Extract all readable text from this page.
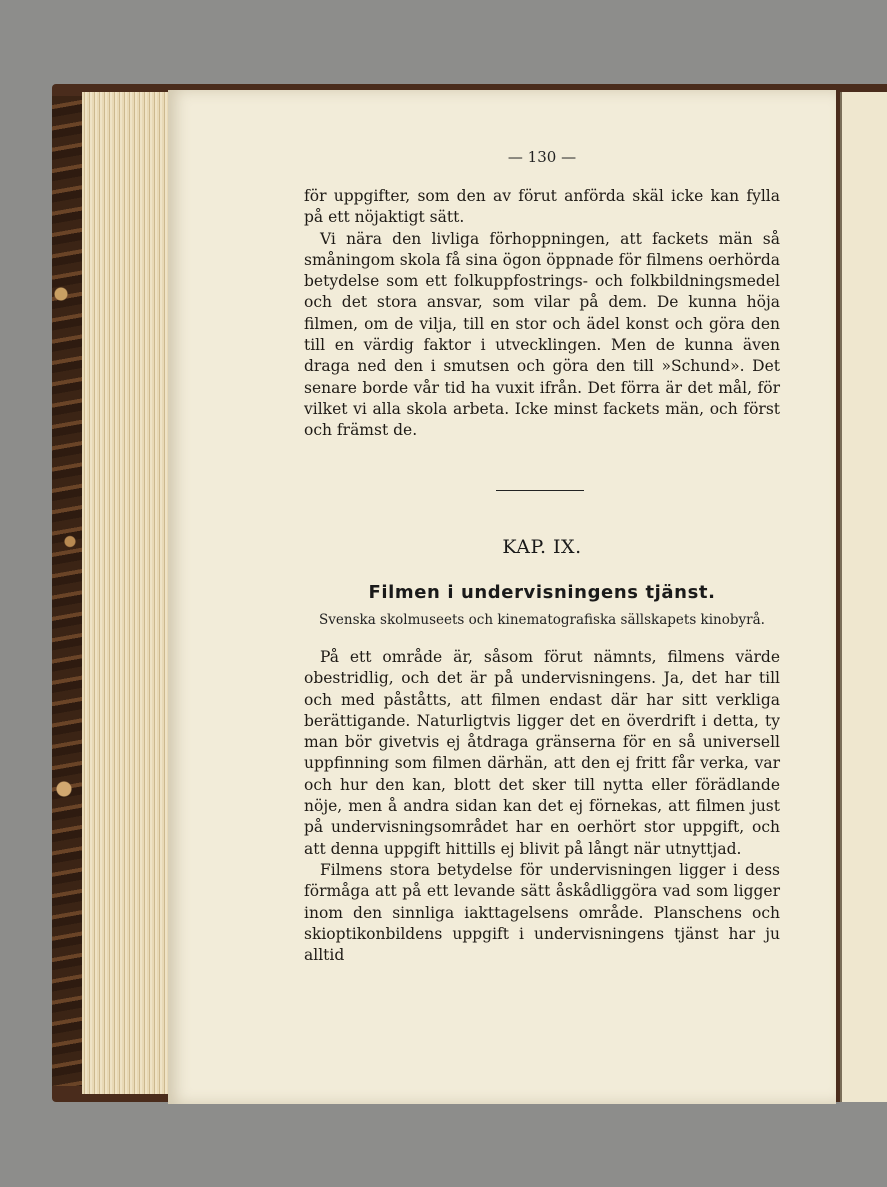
— 130 —

för uppgifter, som den av förut anförda skäl icke kan fylla på ett nöjaktigt sätt.

Vi nära den livliga förhoppningen, att fackets män så småningom skola få sina ögon öppnade för filmens oerhörda betydelse som ett folkuppfostrings- och folkbildningsmedel och det stora ansvar, som vilar på dem. De kunna höja filmen, om de vilja, till en stor och ädel konst och göra den till en värdig faktor i utvecklingen. Men de kunna även draga ned den i smutsen och göra den till »Schund». Det senare borde vår tid ha vuxit ifrån. Det förra är det mål, för vilket vi alla skola arbeta. Icke minst fackets män, och först och främst de.

KAP. IX.
Filmen i undervisningens tjänst.
Svenska skolmuseets och kinematografiska sällskapets kinobyrå.

På ett område är, såsom förut nämnts, filmens värde obestridlig, och det är på undervisningens. Ja, det har till och med påståtts, att filmen endast där har sitt verkliga berättigande. Naturligtvis ligger det en överdrift i detta, ty man bör givetvis ej åtdraga gränserna för en så universell uppfinning som filmen därhän, att den ej fritt får verka, var och hur den kan, blott det sker till nytta eller förädlande nöje, men å andra sidan kan det ej förnekas, att filmen just på undervisningsområdet har en oerhört stor uppgift, och att denna uppgift hittills ej blivit på långt när utnyttjad.

Filmens stora betydelse för undervisningen ligger i dess förmåga att på ett levande sätt åskådliggöra vad som ligger inom den sinnliga iakttagelsens område. Planschens och skioptikonbildens uppgift i undervisningens tjänst har ju alltid
